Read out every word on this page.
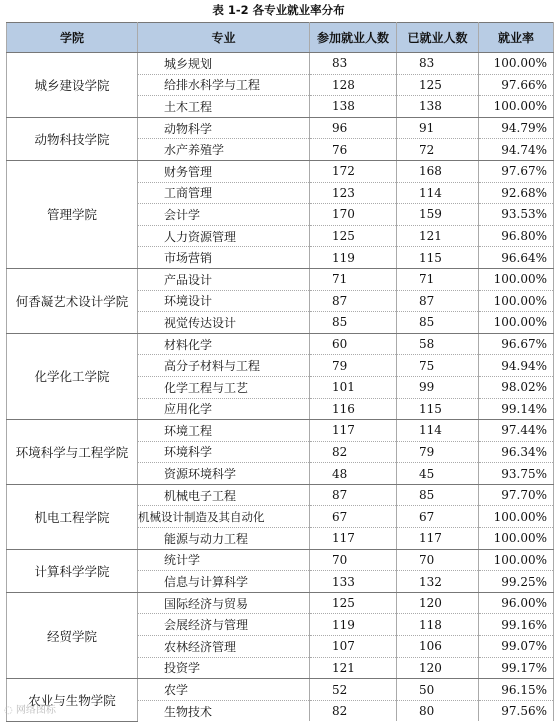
表 1-2 各专业就业率分布
学院	专业	参加就业人数	已就业人数	就业率
城乡建设学院	城乡规划	83	83	100.00%
	给排水科学与工程	128	125	97.66%
	土木工程	138	138	100.00%
动物科技学院	动物科学	96	91	94.79%
	水产养殖学	76	72	94.74%
管理学院	财务管理	172	168	97.67%
	工商管理	123	114	92.68%
	会计学	170	159	93.53%
	人力资源管理	125	121	96.80%
	市场营销	119	115	96.64%
何香凝艺术设计学院	产品设计	71	71	100.00%
	环境设计	87	87	100.00%
	视觉传达设计	85	85	100.00%
化学化工学院	材料化学	60	58	96.67%
	高分子材料与工程	79	75	94.94%
	化学工程与工艺	101	99	98.02%
	应用化学	116	115	99.14%
环境科学与工程学院	环境工程	117	114	97.44%
	环境科学	82	79	96.34%
	资源环境科学	48	45	93.75%
机电工程学院	机械电子工程	87	85	97.70%
	机械设计制造及其自动化	67	67	100.00%
	能源与动力工程	117	117	100.00%
计算科学学院	统计学	70	70	100.00%
	信息与计算科学	133	132	99.25%
经贸学院	国际经济与贸易	125	120	96.00%
	会展经济与管理	119	118	99.16%
	农林经济管理	107	106	99.07%
	投资学	121	120	99.17%
农业与生物学院	农学	52	50	96.15%
	生物技术	82	80	97.56%
◌ 网络图标
